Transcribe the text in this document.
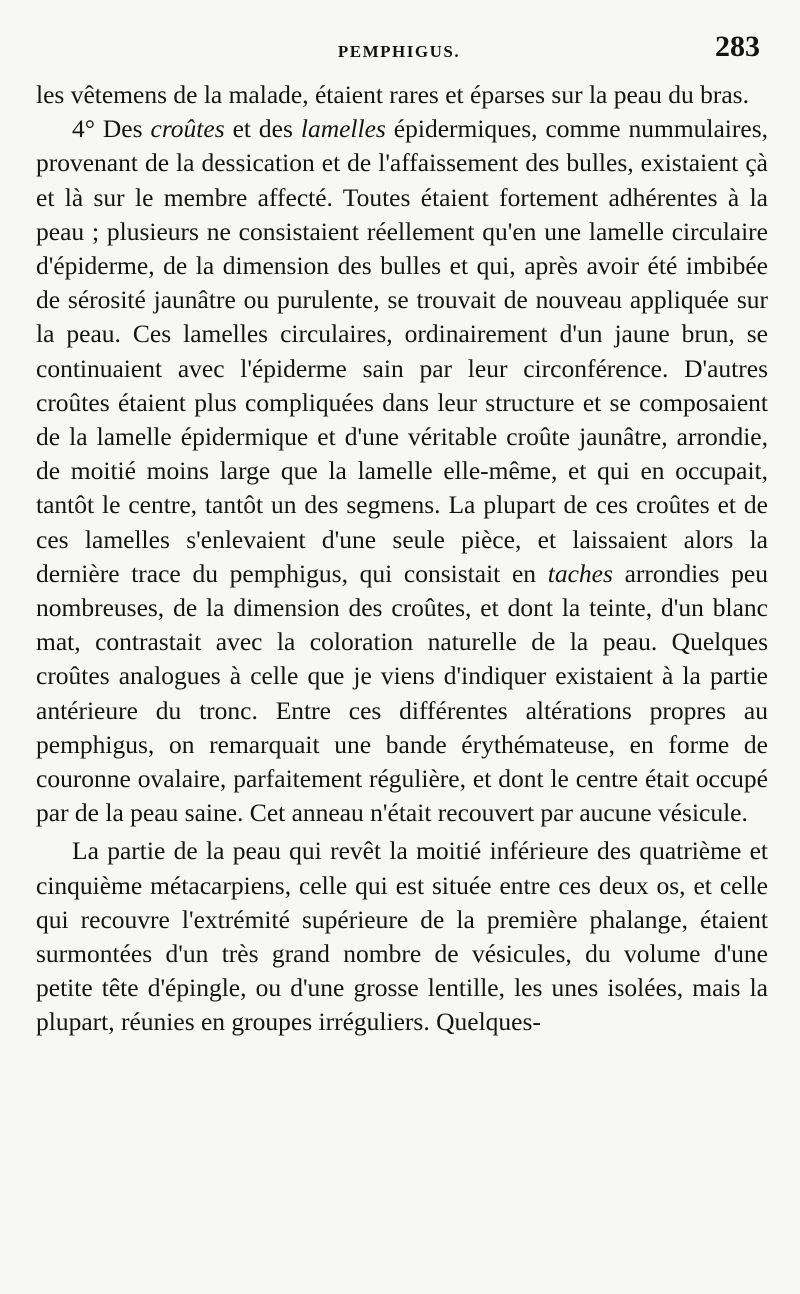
PEMPHIGUS.	283

les vêtemens de la malade, étaient rares et éparses sur la peau du bras.

4° Des croûtes et des lamelles épidermiques, comme nummulaires, provenant de la dessication et de l'affaissement des bulles, existaient çà et là sur le membre affecté. Toutes étaient fortement adhérentes à la peau ; plusieurs ne consistaient réellement qu'en une lamelle circulaire d'épiderme, de la dimension des bulles et qui, après avoir été imbibée de sérosité jaunâtre ou purulente, se trouvait de nouveau appliquée sur la peau. Ces lamelles circulaires, ordinairement d'un jaune brun, se continuaient avec l'épiderme sain par leur circonférence. D'autres croûtes étaient plus compliquées dans leur structure et se composaient de la lamelle épidermique et d'une véritable croûte jaunâtre, arrondie, de moitié moins large que la lamelle elle-même, et qui en occupait, tantôt le centre, tantôt un des segmens. La plupart de ces croûtes et de ces lamelles s'enlevaient d'une seule pièce, et laissaient alors la dernière trace du pemphigus, qui consistait en taches arrondies peu nombreuses, de la dimension des croûtes, et dont la teinte, d'un blanc mat, contrastait avec la coloration naturelle de la peau. Quelques croûtes analogues à celle que je viens d'indiquer existaient à la partie antérieure du tronc. Entre ces différentes altérations propres au pemphigus, on remarquait une bande érythémateuse, en forme de couronne ovalaire, parfaitement régulière, et dont le centre était occupé par de la peau saine. Cet anneau n'était recouvert par aucune vésicule.

La partie de la peau qui revêt la moitié inférieure des quatrième et cinquième métacarpiens, celle qui est située entre ces deux os, et celle qui recouvre l'extrémité supérieure de la première phalange, étaient surmontées d'un très grand nombre de vésicules, du volume d'une petite tête d'épingle, ou d'une grosse lentille, les unes isolées, mais la plupart, réunies en groupes irréguliers. Quelques-
